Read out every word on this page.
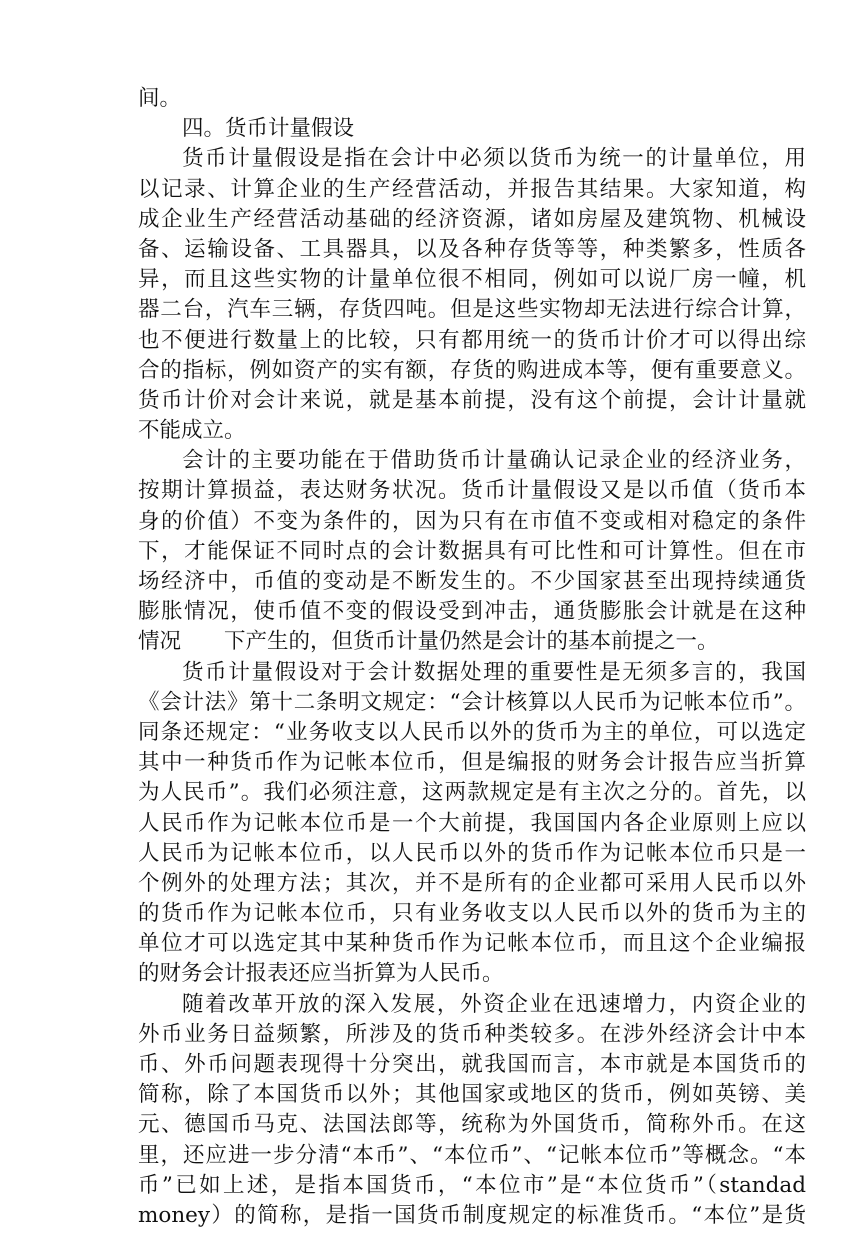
间。
四。货币计量假设
货币计量假设是指在会计中必须以货币为统一的计量单位，用
以记录、计算企业的生产经营活动，并报告其结果。大家知道，构
成企业生产经营活动基础的经济资源，诸如房屋及建筑物、机械设
备、运输设备、工具器具，以及各种存货等等，种类繁多，性质各
异，而且这些实物的计量单位很不相同，例如可以说厂房一幢，机
器二台，汽车三辆，存货四吨。但是这些实物却无法进行综合计算，
也不便进行数量上的比较，只有都用统一的货币计价才可以得出综
合的指标，例如资产的实有额，存货的购进成本等，便有重要意义。
货币计价对会计来说，就是基本前提，没有这个前提，会计计量就
不能成立。
会计的主要功能在于借助货币计量确认记录企业的经济业务，
按期计算损益，表达财务状况。货币计量假设又是以币值（货币本
身的价值）不变为条件的，因为只有在市值不变或相对稳定的条件
下，才能保证不同时点的会计数据具有可比性和可计算性。但在市
场经济中，币值的变动是不断发生的。不少国家甚至出现持续通货
膨胀情况，使币值不变的假设受到冲击，通货膨胀会计就是在这种
情况　　下产生的，但货币计量仍然是会计的基本前提之一。
货币计量假设对于会计数据处理的重要性是无须多言的，我国
《会计法》第十二条明文规定：“会计核算以人民币为记帐本位币”。
同条还规定：“业务收支以人民币以外的货币为主的单位，可以选定
其中一种货币作为记帐本位币，但是编报的财务会计报告应当折算
为人民币”。我们必须注意，这两款规定是有主次之分的。首先，以
人民币作为记帐本位币是一个大前提，我国国内各企业原则上应以
人民币为记帐本位币，以人民币以外的货币作为记帐本位币只是一
个例外的处理方法；其次，并不是所有的企业都可采用人民币以外
的货币作为记帐本位币，只有业务收支以人民币以外的货币为主的
单位才可以选定其中某种货币作为记帐本位币，而且这个企业编报
的财务会计报表还应当折算为人民币。
随着改革开放的深入发展，外资企业在迅速增力，内资企业的
外币业务日益频繁，所涉及的货币种类较多。在涉外经济会计中本
币、外币问题表现得十分突出，就我国而言，本市就是本国货币的
简称，除了本国货币以外；其他国家或地区的货币，例如英镑、美
元、德国币马克、法国法郎等，统称为外国货币，简称外币。在这
里，还应进一步分清“本币”、“本位币”、“记帐本位币”等概念。“本
币”已如上述，是指本国货币，“本位市”是“本位货币”（standad
money）的简称，是指一国货币制度规定的标准货币。“本位”是货
